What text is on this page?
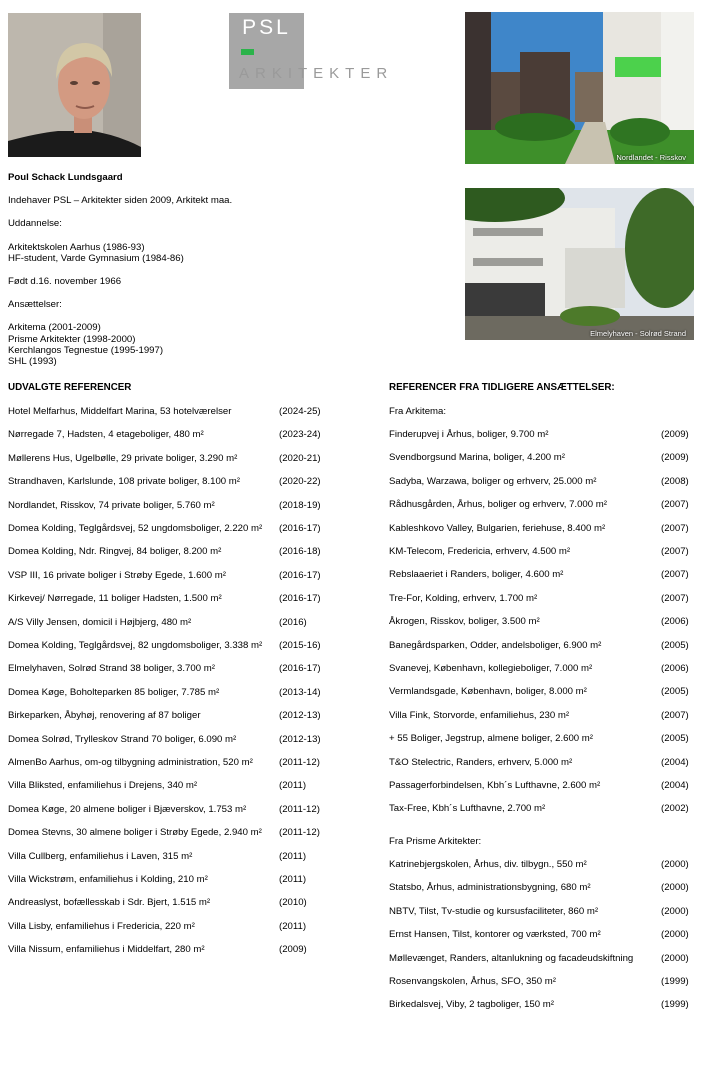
PSL
ARKITEKTER
Nordlandet - Risskov
Elmelyhaven - Solrød Strand

Poul Schack Lundsgaard

Indehaver PSL – Arkitekter siden 2009, Arkitekt maa.

Uddannelse:

Arkitektskolen Aarhus (1986-93)

HF-student, Varde Gymnasium (1984-86)

Født d.16. november 1966

Ansættelser:

Arkitema (2001-2009)

Prisme Arkitekter (1998-2000)

Kerchlangos Tegnestue (1995-1997)

SHL (1993)

UDVALGTE REFERENCER	REFERENCER FRA TIDLIGERE ANSÆTTELSER:
Hotel Melfarhus, Middelfart Marina, 53 hotelværelser	(2024-25)
Nørregade 7, Hadsten, 4 etageboliger, 480 m²	(2023-24)
Møllerens Hus, Ugelbølle, 29 private boliger, 3.290 m²	(2020-21)
Strandhaven, Karlslunde, 108 private boliger, 8.100 m²	(2020-22)
Nordlandet, Risskov, 74 private boliger, 5.760 m²	(2018-19)
Domea Kolding, Teglgårdsvej, 52 ungdomsboliger, 2.220 m² (2016-17)
Domea Kolding, Ndr. Ringvej, 84 boliger, 8.200 m²	(2016-18)
VSP III, 16 private boliger i Strøby Egede, 1.600 m²	(2016-17)
Kirkevej/ Nørregade, 11 boliger Hadsten, 1.500 m²	(2016-17)
A/S Villy Jensen, domicil i Højbjerg, 480 m²	(2016)
Domea Kolding, Teglgårdsvej, 82 ungdomsboliger, 3.338 m² (2015-16)
Elmelyhaven, Solrød Strand 38 boliger, 3.700 m²	(2016-17)
Domea Køge, Boholteparken 85 boliger, 7.785 m²	(2013-14)
Birkeparken, Åbyhøj, renovering af 87 boliger	(2012-13)
Domea Solrød, Trylleskov Strand 70 boliger, 6.090 m²	(2012-13)
AlmenBo Aarhus, om-og tilbygning administration, 520 m²	(2011-12)
Villa Bliksted, enfamiliehus i Drejens, 340 m²	(2011)
Domea Køge, 20 almene boliger i Bjæverskov, 1.753 m²	(2011-12)
Domea Stevns, 30 almene boliger i Strøby Egede, 2.940 m² (2011-12)
Villa Cullberg, enfamiliehus i Laven, 315 m²	(2011)
Villa Wickstrøm, enfamiliehus i Kolding, 210 m²	(2011)
Andreaslyst, bofællesskab i Sdr. Bjert, 1.515 m²	(2010)
Villa Lisby, enfamiliehus i Fredericia, 220 m²	(2011)
Villa Nissum, enfamiliehus i Middelfart, 280 m²	(2009)
Fra Arkitema:
Finderupvej i Århus, boliger, 9.700 m²	(2009)
Svendborgsund Marina, boliger, 4.200 m²	(2009)
Sadyba, Warzawa, boliger og erhverv, 25.000 m²	(2008)
Rådhusgården, Århus, boliger og erhverv, 7.000 m²	(2007)
Kableshkovo Valley, Bulgarien, feriehuse, 8.400 m²	(2007)
KM-Telecom, Fredericia, erhverv, 4.500 m²	(2007)
Rebslaaeriet i Randers, boliger, 4.600 m²	(2007)
Tre-For, Kolding, erhverv, 1.700 m²	(2007)
Åkrogen, Risskov, boliger, 3.500 m²	(2006)
Banegårdsparken, Odder, andelsboliger, 6.900 m²	(2005)
Svanevej, København, kollegieboliger, 7.000 m²	(2006)
Vermlandsgade, København, boliger, 8.000 m²	(2005)
Villa Fink, Storvorde, enfamiliehus, 230 m²	(2007)
+ 55 Boliger, Jegstrup, almene boliger, 2.600 m²	(2005)
T&O Stelectric, Randers, erhverv, 5.000 m²	(2004)
Passagerforbindelsen, Kbh´s Lufthavne, 2.600 m²	(2004)
Tax-Free, Kbh´s Lufthavne, 2.700 m²	(2002)
Fra Prisme Arkitekter:
Katrinebjergskolen, Århus, div. tilbygn., 550 m²	(2000)
Statsbo, Århus, administrationsbygning, 680 m²	(2000)
NBTV, Tilst, Tv-studie og kursusfaciliteter, 860 m²	(2000)
Ernst Hansen, Tilst, kontorer og værksted, 700 m²	(2000)
Møllevænget, Randers, altanlukning og facadeudskiftning	(2000)
Rosenvangskolen, Århus, SFO, 350 m²	(1999)
Birkedalsvej, Viby, 2 tagboliger, 150 m²	(1999)
